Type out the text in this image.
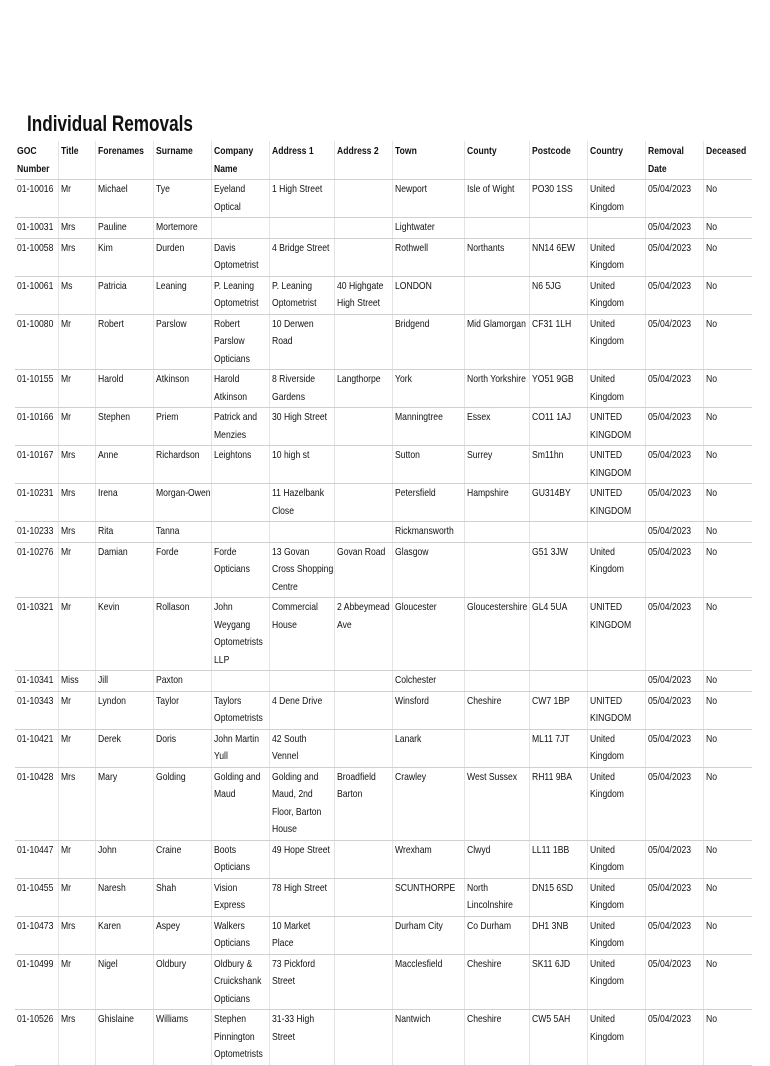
Individual Removals
GOC Number	Title	Forenames	Surname	Company Name	Address 1	Address 2	Town	County	Postcode	Country	Removal Date	Deceased
01-10016	Mr	Michael	Tye	Eyeland Optical	1 High Street		Newport	Isle of Wight	PO30 1SS	United Kingdom	05/04/2023	No
01-10031	Mrs	Pauline	Mortemore				Lightwater				05/04/2023	No
01-10058	Mrs	Kim	Durden	Davis Optometrist	4 Bridge Street		Rothwell	Northants	NN14 6EW	United Kingdom	05/04/2023	No
01-10061	Ms	Patricia	Leaning	P. Leaning Optometrist	P. Leaning Optometrist	40 Highgate High Street	LONDON		N6 5JG	United Kingdom	05/04/2023	No
01-10080	Mr	Robert	Parslow	Robert Parslow Opticians	10 Derwen Road		Bridgend	Mid Glamorgan	CF31 1LH	United Kingdom	05/04/2023	No
01-10155	Mr	Harold	Atkinson	Harold Atkinson	8 Riverside Gardens	Langthorpe	York	North Yorkshire	YO51 9GB	United Kingdom	05/04/2023	No
01-10166	Mr	Stephen	Priem	Patrick and Menzies	30 High Street		Manningtree	Essex	CO11 1AJ	UNITED KINGDOM	05/04/2023	No
01-10167	Mrs	Anne	Richardson	Leightons	10 high st		Sutton	Surrey	Sm11hn	UNITED KINGDOM	05/04/2023	No
01-10231	Mrs	Irena	Morgan-Owen		11 Hazelbank Close		Petersfield	Hampshire	GU314BY	UNITED KINGDOM	05/04/2023	No
01-10233	Mrs	Rita	Tanna				Rickmansworth				05/04/2023	No
01-10276	Mr	Damian	Forde	Forde Opticians	13 Govan Cross Shopping Centre	Govan Road	Glasgow		G51 3JW	United Kingdom	05/04/2023	No
01-10321	Mr	Kevin	Rollason	John Weygang Optometrists LLP	Commercial House	2 Abbeymead Ave	Gloucester	Gloucestershire	GL4 5UA	UNITED KINGDOM	05/04/2023	No
01-10341	Miss	Jill	Paxton				Colchester				05/04/2023	No
01-10343	Mr	Lyndon	Taylor	Taylors Optometrists	4 Dene Drive		Winsford	Cheshire	CW7 1BP	UNITED KINGDOM	05/04/2023	No
01-10421	Mr	Derek	Doris	John Martin Yull	42 South Vennel		Lanark		ML11 7JT	United Kingdom	05/04/2023	No
01-10428	Mrs	Mary	Golding	Golding and Maud	Golding and Maud, 2nd Floor, Barton House	Broadfield Barton	Crawley	West Sussex	RH11 9BA	United Kingdom	05/04/2023	No
01-10447	Mr	John	Craine	Boots Opticians	49 Hope Street		Wrexham	Clwyd	LL11 1BB	United Kingdom	05/04/2023	No
01-10455	Mr	Naresh	Shah	Vision Express	78 High Street		SCUNTHORPE	North Lincolnshire	DN15 6SD	United Kingdom	05/04/2023	No
01-10473	Mrs	Karen	Aspey	Walkers Opticians	10 Market Place		Durham City	Co Durham	DH1 3NB	United Kingdom	05/04/2023	No
01-10499	Mr	Nigel	Oldbury	Oldbury & Cruickshank Opticians	73 Pickford Street		Macclesfield	Cheshire	SK11 6JD	United Kingdom	05/04/2023	No
01-10526	Mrs	Ghislaine	Williams	Stephen Pinnington Optometrists	31-33 High Street		Nantwich	Cheshire	CW5 5AH	United Kingdom	05/04/2023	No
